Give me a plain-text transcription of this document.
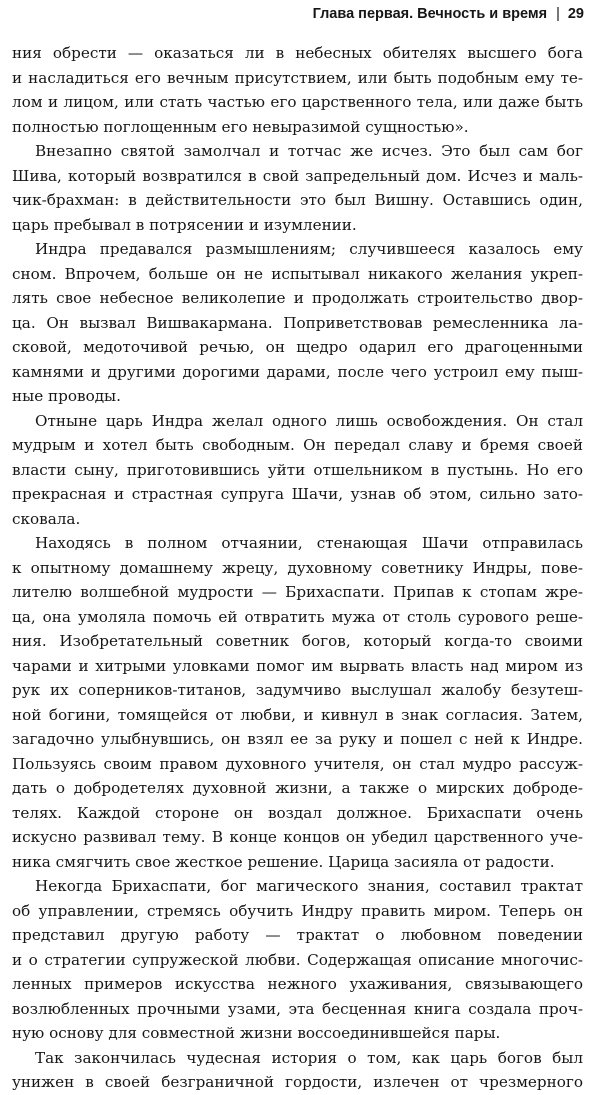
Глава первая. Вечность и время | 29
ния обрести — оказаться ли в небесных обителях высшего бога
и насладиться его вечным присутствием, или быть подобным ему те-
лом и лицом, или стать частью его царственного тела, или даже быть
полностью поглощенным его невыразимой сущностью».
Внезапно святой замолчал и тотчас же исчез. Это был сам бог
Шива, который возвратился в свой запредельный дом. Исчез и маль-
чик-брахман: в действительности это был Вишну. Оставшись один,
царь пребывал в потрясении и изумлении.
Индра предавался размышлениям; случившееся казалось ему
сном. Впрочем, больше он не испытывал никакого желания укреп-
лять свое небесное великолепие и продолжать строительство двор-
ца. Он вызвал Вишвакармана. Поприветствовав ремесленника ла-
сковой, медоточивой речью, он щедро одарил его драгоценными
камнями и другими дорогими дарами, после чего устроил ему пыш-
ные проводы.
Отныне царь Индра желал одного лишь освобождения. Он стал
мудрым и хотел быть свободным. Он передал славу и бремя своей
власти сыну, приготовившись уйти отшельником в пустынь. Но его
прекрасная и страстная супруга Шачи, узнав об этом, сильно зато-
сковала.
Находясь в полном отчаянии, стенающая Шачи отправилась
к опытному домашнему жрецу, духовному советнику Индры, пове-
лителю волшебной мудрости — Брихаспати. Припав к стопам жре-
ца, она умоляла помочь ей отвратить мужа от столь сурового реше-
ния. Изобретательный советник богов, который когда-то своими
чарами и хитрыми уловками помог им вырвать власть над миром из
рук их соперников-титанов, задумчиво выслушал жалобу безутеш-
ной богини, томящейся от любви, и кивнул в знак согласия. Затем,
загадочно улыбнувшись, он взял ее за руку и пошел с ней к Индре.
Пользуясь своим правом духовного учителя, он стал мудро рассуж-
дать о добродетелях духовной жизни, а также о мирских доброде-
телях. Каждой стороне он воздал должное. Брихаспати очень
искусно развивал тему. В конце концов он убедил царственного уче-
ника смягчить свое жесткое решение. Царица засияла от радости.
Некогда Брихаспати, бог магического знания, составил трактат
об управлении, стремясь обучить Индру править миром. Теперь он
представил другую работу — трактат о любовном поведении
и о стратегии супружеской любви. Содержащая описание многочис-
ленных примеров искусства нежного ухаживания, связывающего
возлюбленных прочными узами, эта бесценная книга создала проч-
ную основу для совместной жизни воссоединившейся пары.
Так закончилась чудесная история о том, как царь богов был
унижен в своей безграничной гордости, излечен от чрезмерного
